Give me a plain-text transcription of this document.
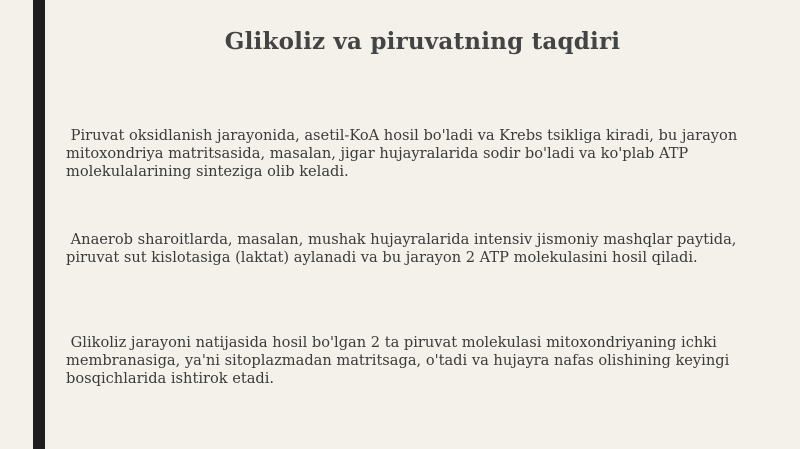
Glikoliz va piruvatning taqdiri
Piruvat oksidlanish jarayonida, asetil-KoA hosil bo'ladi va Krebs tsikliga kiradi, bu jarayon mitoxondriya matritsasida, masalan, jigar hujayralarida sodir bo'ladi va ko'plab ATP molekulalarining sinteziga olib keladi.
Anaerob sharoitlarda, masalan, mushak hujayralarida intensiv jismoniy mashqlar paytida, piruvat sut kislotasiga (laktat) aylanadi va bu jarayon 2 ATP molekulasini hosil qiladi.
Glikoliz jarayoni natijasida hosil bo'lgan 2 ta piruvat molekulasi mitoxondriyaning ichki membranasiga, ya'ni sitoplazmadan matritsaga, o'tadi va hujayra nafas olishining keyingi bosqichlarida ishtirok etadi.
